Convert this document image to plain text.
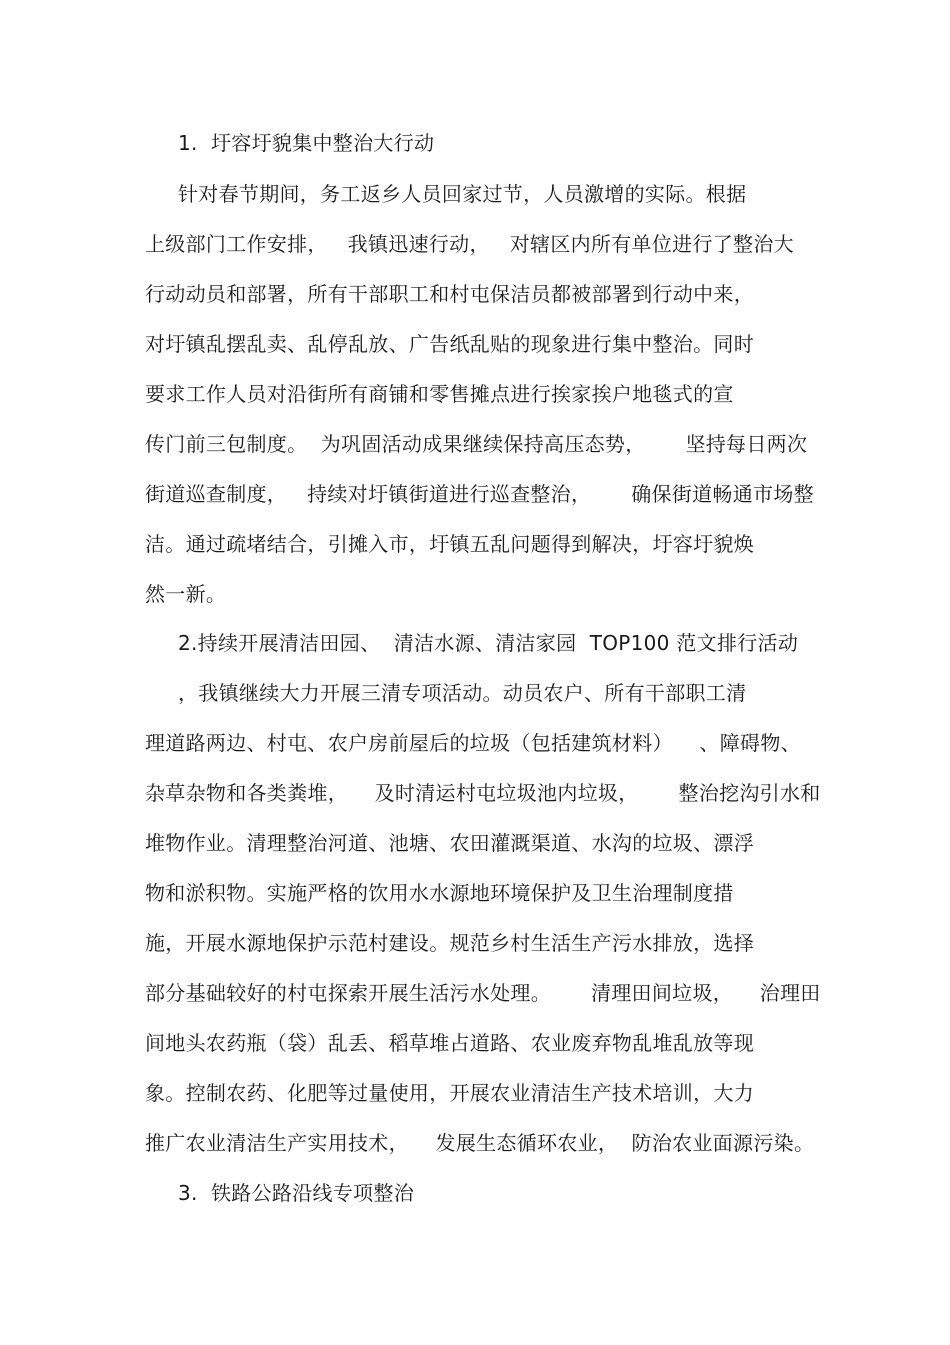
1.  圩容圩貌集中整治大行动
针对春节期间，务工返乡人员回家过节，人员激增的实际。根据
上级部门工作安排，   我镇迅速行动，   对辖区内所有单位进行了整治大
行动动员和部署，所有干部职工和村屯保洁员都被部署到行动中来，
对圩镇乱摆乱卖、乱停乱放、广告纸乱贴的现象进行集中整治。同时
要求工作人员对沿街所有商铺和零售摊点进行挨家挨户地毯式的宣
传门前三包制度。  为巩固活动成果继续保持高压态势，      坚持每日两次
街道巡查制度，   持续对圩镇街道进行巡查整治，      确保街道畅通市场整
洁。通过疏堵结合，引摊入市，圩镇五乱问题得到解决，圩容圩貌焕
然一新。
2.持续开展清洁田园、  清洁水源、清洁家园  TOP100 范文排行活动
，我镇继续大力开展三清专项活动。动员农户、所有干部职工清
理道路两边、村屯、农户房前屋后的垃圾（包括建筑材料）    、障碍物、
杂草杂物和各类粪堆，    及时清运村屯垃圾池内垃圾，      整治挖沟引水和
堆物作业。清理整治河道、池塘、农田灌溉渠道、水沟的垃圾、漂浮
物和淤积物。实施严格的饮用水水源地环境保护及卫生治理制度措
施，开展水源地保护示范村建设。规范乡村生活生产污水排放，选择
部分基础较好的村屯探索开展生活污水处理。      清理田间垃圾，    治理田
间地头农药瓶（袋）乱丢、稻草堆占道路、农业废弃物乱堆乱放等现
象。控制农药、化肥等过量使用，开展农业清洁生产技术培训，大力
推广农业清洁生产实用技术，    发展生态循环农业，  防治农业面源污染。
3.  铁路公路沿线专项整治
